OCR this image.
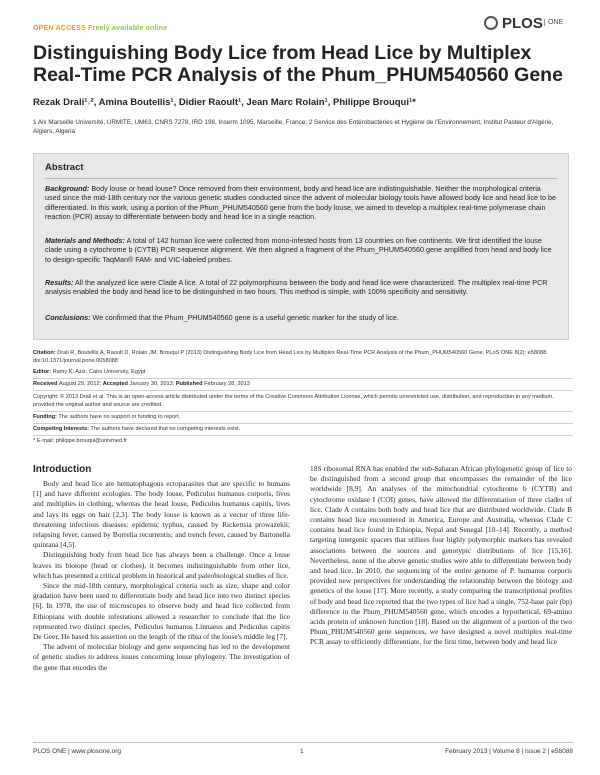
OPEN ACCESS Freely available online	PLOS ONE
Distinguishing Body Lice from Head Lice by Multiplex Real-Time PCR Analysis of the Phum_PHUM540560 Gene
Rezak Drali¹˒², Amina Boutellis¹, Didier Raoult¹, Jean Marc Rolain¹, Philippe Brouqui¹*
1 Aix Marseille Université, URMITE, UM63, CNRS 7278, IRD 198, Inserm 1095, Marseille, France, 2 Service des Entérobactéries et Hygiène de l'Environnement, Institut Pasteur d'Algérie, Algiers, Algeria
Abstract
Background: Body louse or head louse? Once removed from their environment, body and head lice are indistinguishable. Neither the morphological criteria used since the mid-18th century nor the various genetic studies conducted since the advent of molecular biology tools have allowed body lice and head lice to be differentiated. In this work, using a portion of the Phum_PHUM540560 gene from the body louse, we aimed to develop a multiplex real-time polymerase chain reaction (PCR) assay to differentiate between body and head lice in a single reaction.
Materials and Methods: A total of 142 human lice were collected from mono-infested hosts from 13 countries on five continents. We first identified the louse clade using a cytochrome b (CYTB) PCR sequence alignment. We then aligned a fragment of the Phum_PHUM540560 gene amplified from head and body lice to design-specific TaqMan® FAM- and VIC-labeled probes.
Results: All the analyzed lice were Clade A lice. A total of 22 polymorphisms between the body and head lice were characterized. The multiplex real-time PCR analysis enabled the body and head lice to be distinguished in two hours. This method is simple, with 100% specificity and sensitivity.
Conclusions: We confirmed that the Phum_PHUM540560 gene is a useful genetic marker for the study of lice.
Citation: Drali R, Boutellis A, Raoult D, Rolain JM, Brouqui P (2013) Distinguishing Body Lice from Head Lice by Multiplex Real-Time PCR Analysis of the Phum_PHUM540560 Gene. PLoS ONE 8(2): e58088. doi:10.1371/journal.pone.0058088
Editor: Ramy K. Aziz, Cairo University, Egypt
Received August 29, 2012; Accepted January 30, 2013; Published February 28, 2013
Copyright: © 2013 Drali et al. This is an open-access article distributed under the terms of the Creative Commons Attribution License, which permits unrestricted use, distribution, and reproduction in any medium, provided the original author and source are credited.
Funding: The authors have no support or funding to report.
Competing Interests: The authors have declared that no competing interests exist.
* E-mail: philippe.brouqui@univmed.fr
Introduction

Body and head lice are hematophagous ectoparasites that are specific to humans [1] and have different ecologies. The body louse, Pediculus humanus corporis, lives and multiplies in clothing, whereas the head louse, Pediculus humanus capitis, lives and lays its eggs on hair [2,3]. The body louse is known as a vector of three life-threatening infectious diseases: epidemic typhus, caused by Rickettsia prowazekii; relapsing fever, caused by Borrelia recurrentis; and trench fever, caused by Bartonella quintana [4,5].

Distinguishing body from head lice has always been a challenge. Once a louse leaves its biotope (head or clothes), it becomes indistinguishable from other lice, which has presented a critical problem in historical and paleobiological studies of lice.

Since the mid-18th century, morphological criteria such as size, shape and color gradation have been used to differentiate body and head lice into two distinct species [6]. In 1978, the use of microscopes to observe body and head lice collected from Ethiopians with double infestations allowed a researcher to conclude that the lice represented two distinct species, Pediculus humanus Linnaeus and Pediculus capitis De Geer. He based his assertion on the length of the tibia of the louse's middle leg [7].

The advent of molecular biology and gene sequencing has led to the development of genetic studies to address issues concerning louse phylogeny. The investigation of the gene that encodes the

18S ribosomal RNA has enabled the sub-Saharan African phylogenetic group of lice to be distinguished from a second group that encompasses the remainder of the lice worldwide [8,9]. An analyses of the mitochondrial cytochrome b (CYTB) and cytochrome oxidase I (COI) genes, have allowed the differentiation of three clades of lice. Clade A contains both body and head lice that are distributed worldwide. Clade B contains head lice encountered in America, Europe and Australia, whereas Clade C contains head lice found in Ethiopia, Nepal and Senegal [10–14]. Recently, a method targeting intergenic spacers that utilizes four highly polymorphic markers has revealed associations between the sources and genotypic distributions of lice [15,16]. Nevertheless, none of the above genetic studies were able to differentiate between body and head lice. In 2010, the sequencing of the entire genome of P. humanus corporis provided new perspectives for understanding the relationship between the biology and genetics of the louse [17]. More recently, a study comparing the transcriptional profiles of body and head lice reported that the two types of lice had a single, 752-base pair (bp) difference in the Phum_PHUM540560 gene, which encodes a hypothetical, 69-amino acids protein of unknown function [18]. Based on the alignment of a portion of the two Phum_PHUM540560 gene sequences, we have designed a novel multiplex real-time PCR assay to efficiently differentiate, for the first time, between body and head lice

PLOS ONE | www.plosone.org	1	February 2013 | Volume 8 | Issue 2 | e58088
